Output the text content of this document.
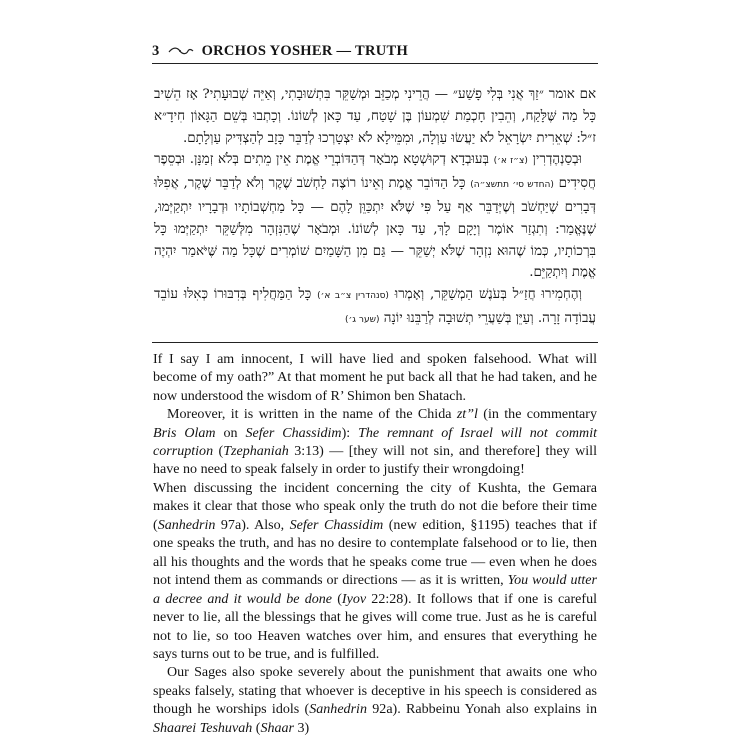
3	ORCHOS YOSHER — TRUTH

אם אומר ״זַךְ אֲנִי בְּלִי פָשַׁע״ — הֲרֵינִי מְכַזֵּב וּמְשַׁקֵּר בִּתְשׁוּבָתִי, וְאַיֵּה שְׁבוּעָתִי? אָז הֵשִׁיב כָּל מַה שֶּׁלָּקַח, וְהֵבִין חָכְמַת שִׁמְעוֹן בֶּן שָׁטַח, עַד כָּאן לְשׁוֹנוֹ. וְכָתְבוּ בְּשֵׁם הַגָּאוֹן חִידָ״א ז״ל: שְׁאֵרִית יִשְׂרָאֵל לֹא יַעֲשׂוּ עַוְלָה, וּמִמֵּילָא לֹא יִצְטָרְכוּ לְדַבֵּר כָּזָב לְהַצְדִּיק עַוְלָתָם.

וּבְסַנְהֶדְרִין (צ״ז א׳) בְּעוּבְדָא דְקוּשְׁטָא מְבֹאָר דְּהַדּוֹבְרֵי אֱמֶת אֵין מֵתִים בְּלֹא זְמַנָּן. וּבְסֵפֶר חֲסִידִים (החדש סי׳ תתשצ״ה) כָּל הַדּוֹבֵר אֱמֶת וְאֵינוֹ רוֹצֶה לַחְשֹׁב שֶׁקֶר וְלֹא לְדַבֵּר שֶׁקֶר, אֲפִלּוּ דְּבָרִים שֶׁיַּחְשֹׁב וְשֶׁיְּדַבֵּר אַף עַל פִּי שֶׁלֹּא יִתְכַּוֵּן לָהֶם — כָּל מַחְשְׁבוֹתָיו וּדְבָרָיו יִתְקַיְּמוּ, שֶׁנֶּאֱמַר: וְתִגְזַר אוֹמֶר וְיָקָם לָךְ, עַד כָּאן לְשׁוֹנוֹ. וּמְבֹאָר שֶׁהַנִּזְהָר מִלְּשַׁקֵּר יִתְקַיְּמוּ כָּל בִּרְכוֹתָיו, כְּמוֹ שֶׁהוּא נִזְהָר שֶׁלֹּא יְשַׁקֵּר — גַּם מִן הַשָּׁמַיִם שׁוֹמְרִים שֶׁכָּל מַה שֶּׁיֹּאמַר יִהְיֶה אֱמֶת וְיִתְקַיֵּם.

וְהֶחְמִירוּ חֲזַ״ל בְּעֹנֶשׁ הַמְשַׁקֵּר, וְאָמְרוּ (סנהדרין צ״ב א׳) כָּל הַמַּחֲלִיף בְּדִבּוּרוֹ כְּאִלּוּ עוֹבֵד עֲבוֹדָה זָרָה. וְעַיֵּן בְּשַׁעֲרֵי תְשׁוּבָה לְרַבֵּנוּ יוֹנָה (שער ג׳)

If I say I am innocent, I will have lied and spoken falsehood. What will become of my oath?” At that moment he put back all that he had taken, and he now understood the wisdom of R’ Shimon ben Shatach.

Moreover, it is written in the name of the Chida zt”l (in the commentary Bris Olam on Sefer Chassidim): The remnant of Israel will not commit corruption (Tzephaniah 3:13) — [they will not sin, and therefore] they will have no need to speak falsely in order to justify their wrongdoing!

When discussing the incident concerning the city of Kushta, the Gemara makes it clear that those who speak only the truth do not die before their time (Sanhedrin 97a). Also, Sefer Chassidim (new edition, §1195) teaches that if one speaks the truth, and has no desire to contemplate falsehood or to lie, then all his thoughts and the words that he speaks come true — even when he does not intend them as commands or directions — as it is written, You would utter a decree and it would be done (Iyov 22:28). It follows that if one is careful never to lie, all the blessings that he gives will come true. Just as he is careful not to lie, so too Heaven watches over him, and ensures that everything he says turns out to be true, and is fulfilled.

Our Sages also spoke severely about the punishment that awaits one who speaks falsely, stating that whoever is deceptive in his speech is considered as though he worships idols (Sanhedrin 92a). Rabbeinu Yonah also explains in Shaarei Teshuvah (Shaar 3)
